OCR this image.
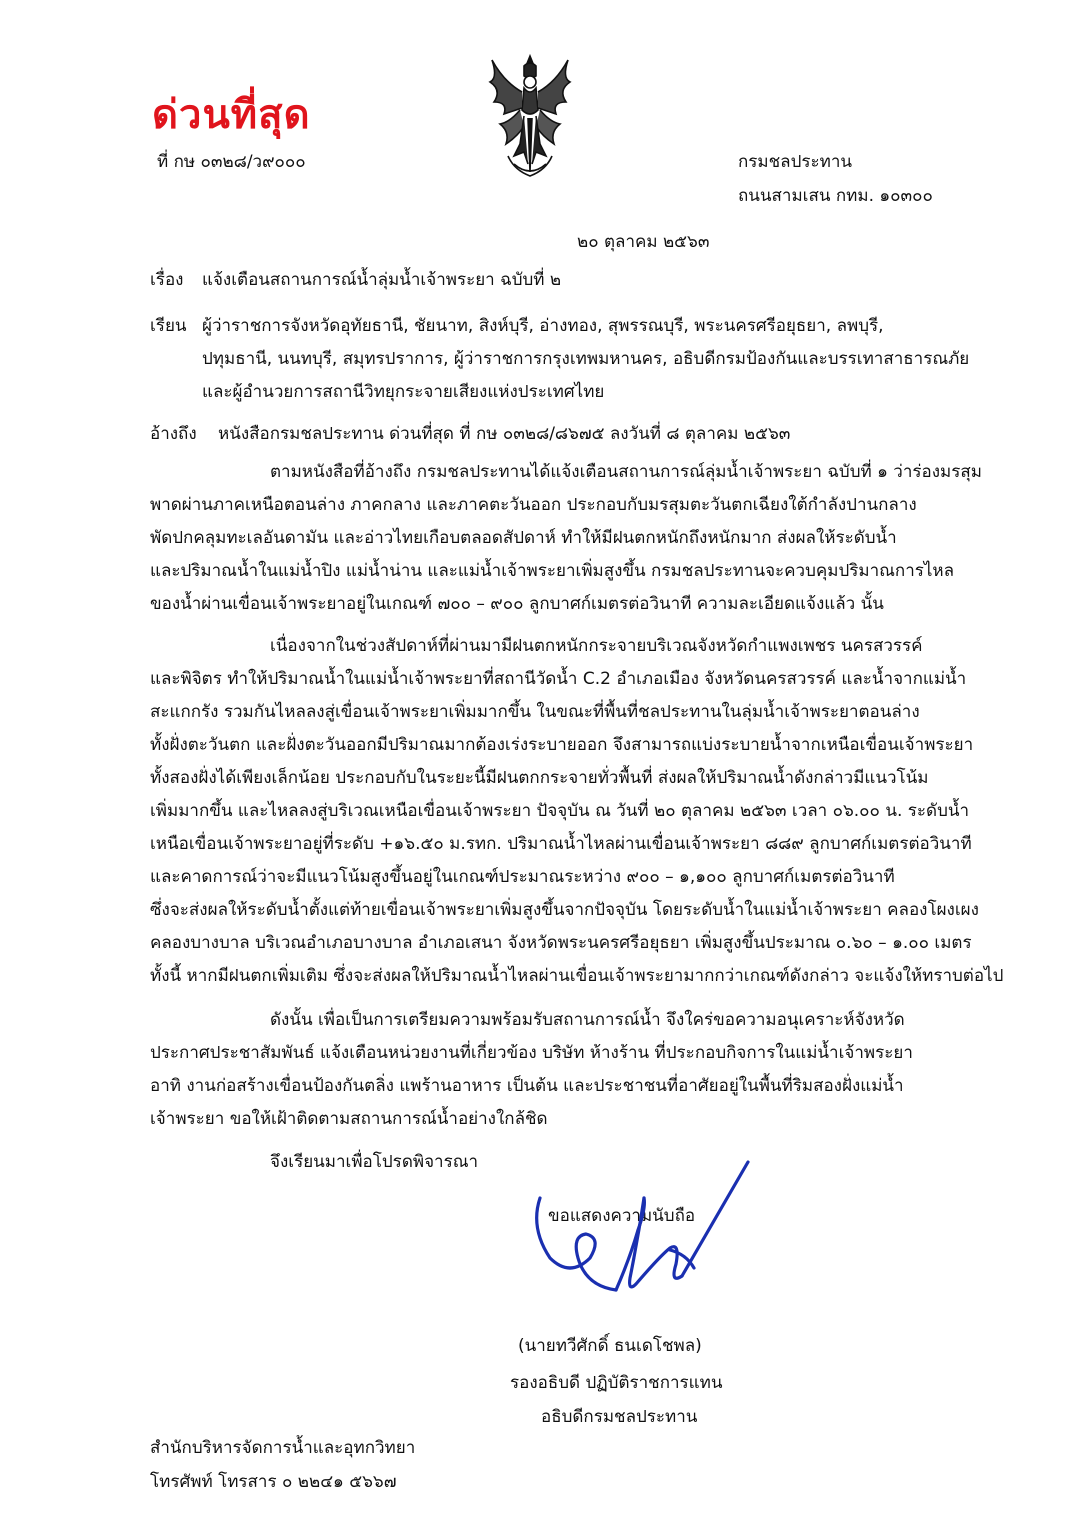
ด่วนที่สุด
ที่ กษ ๐๓๒๘/ว๙๐๐๐	กรมชลประทาน
ถนนสามเสน กทม. ๑๐๓๐๐
๒๐ ตุลาคม ๒๕๖๓
เรื่อง แจ้งเตือนสถานการณ์น้ำลุ่มน้ำเจ้าพระยา ฉบับที่ ๒
เรียน ผู้ว่าราชการจังหวัดอุทัยธานี, ชัยนาท, สิงห์บุรี, อ่างทอง, สุพรรณบุรี, พระนครศรีอยุธยา, ลพบุรี,
ปทุมธานี, นนทบุรี, สมุทรปราการ, ผู้ว่าราชการกรุงเทพมหานคร, อธิบดีกรมป้องกันและบรรเทาสาธารณภัย
และผู้อำนวยการสถานีวิทยุกระจายเสียงแห่งประเทศไทย
อ้างถึง หนังสือกรมชลประทาน ด่วนที่สุด ที่ กษ ๐๓๒๘/๘๖๗๕ ลงวันที่ ๘ ตุลาคม ๒๕๖๓
ตามหนังสือที่อ้างถึง กรมชลประทานได้แจ้งเตือนสถานการณ์ลุ่มน้ำเจ้าพระยา ฉบับที่ ๑ ว่าร่องมรสุม
พาดผ่านภาคเหนือตอนล่าง ภาคกลาง และภาคตะวันออก ประกอบกับมรสุมตะวันตกเฉียงใต้กำลังปานกลาง
พัดปกคลุมทะเลอันดามัน และอ่าวไทยเกือบตลอดสัปดาห์ ทำให้มีฝนตกหนักถึงหนักมาก ส่งผลให้ระดับน้ำ
และปริมาณน้ำในแม่น้ำปิง แม่น้ำน่าน และแม่น้ำเจ้าพระยาเพิ่มสูงขึ้น กรมชลประทานจะควบคุมปริมาณการไหล
ของน้ำผ่านเขื่อนเจ้าพระยาอยู่ในเกณฑ์ ๗๐๐ – ๙๐๐ ลูกบาศก์เมตรต่อวินาที ความละเอียดแจ้งแล้ว นั้น
เนื่องจากในช่วงสัปดาห์ที่ผ่านมามีฝนตกหนักกระจายบริเวณจังหวัดกำแพงเพชร นครสวรรค์
และพิจิตร ทำให้ปริมาณน้ำในแม่น้ำเจ้าพระยาที่สถานีวัดน้ำ C.2 อำเภอเมือง จังหวัดนครสวรรค์ และน้ำจากแม่น้ำ
สะแกกรัง รวมกันไหลลงสู่เขื่อนเจ้าพระยาเพิ่มมากขึ้น ในขณะที่พื้นที่ชลประทานในลุ่มน้ำเจ้าพระยาตอนล่าง
ทั้งฝั่งตะวันตก และฝั่งตะวันออกมีปริมาณมากต้องเร่งระบายออก จึงสามารถแบ่งระบายน้ำจากเหนือเขื่อนเจ้าพระยา
ทั้งสองฝั่งได้เพียงเล็กน้อย ประกอบกับในระยะนี้มีฝนตกกระจายทั่วพื้นที่ ส่งผลให้ปริมาณน้ำดังกล่าวมีแนวโน้ม
เพิ่มมากขึ้น และไหลลงสู่บริเวณเหนือเขื่อนเจ้าพระยา ปัจจุบัน ณ วันที่ ๒๐ ตุลาคม ๒๕๖๓ เวลา ๐๖.๐๐ น. ระดับน้ำ
เหนือเขื่อนเจ้าพระยาอยู่ที่ระดับ +๑๖.๕๐ ม.รทก. ปริมาณน้ำไหลผ่านเขื่อนเจ้าพระยา ๘๘๙ ลูกบาศก์เมตรต่อวินาที
และคาดการณ์ว่าจะมีแนวโน้มสูงขึ้นอยู่ในเกณฑ์ประมาณระหว่าง ๙๐๐ – ๑,๑๐๐ ลูกบาศก์เมตรต่อวินาที
ซึ่งจะส่งผลให้ระดับน้ำตั้งแต่ท้ายเขื่อนเจ้าพระยาเพิ่มสูงขึ้นจากปัจจุบัน โดยระดับน้ำในแม่น้ำเจ้าพระยา คลองโผงเผง
คลองบางบาล บริเวณอำเภอบางบาล อำเภอเสนา จังหวัดพระนครศรีอยุธยา เพิ่มสูงขึ้นประมาณ ๐.๖๐ – ๑.๐๐ เมตร
ทั้งนี้ หากมีฝนตกเพิ่มเติม ซึ่งจะส่งผลให้ปริมาณน้ำไหลผ่านเขื่อนเจ้าพระยามากกว่าเกณฑ์ดังกล่าว จะแจ้งให้ทราบต่อไป
ดังนั้น เพื่อเป็นการเตรียมความพร้อมรับสถานการณ์น้ำ จึงใคร่ขอความอนุเคราะห์จังหวัด
ประกาศประชาสัมพันธ์ แจ้งเตือนหน่วยงานที่เกี่ยวข้อง บริษัท ห้างร้าน ที่ประกอบกิจการในแม่น้ำเจ้าพระยา
อาทิ งานก่อสร้างเขื่อนป้องกันตลิ่ง แพร้านอาหาร เป็นต้น และประชาชนที่อาศัยอยู่ในพื้นที่ริมสองฝั่งแม่น้ำ
เจ้าพระยา ขอให้เฝ้าติดตามสถานการณ์น้ำอย่างใกล้ชิด
จึงเรียนมาเพื่อโปรดพิจารณา
ขอแสดงความนับถือ
(นายทวีศักดิ์ ธนเดโชพล)
รองอธิบดี ปฏิบัติราชการแทน
อธิบดีกรมชลประทาน
สำนักบริหารจัดการน้ำและอุทกวิทยา
โทรศัพท์ โทรสาร ๐ ๒๒๔๑ ๕๖๖๗
